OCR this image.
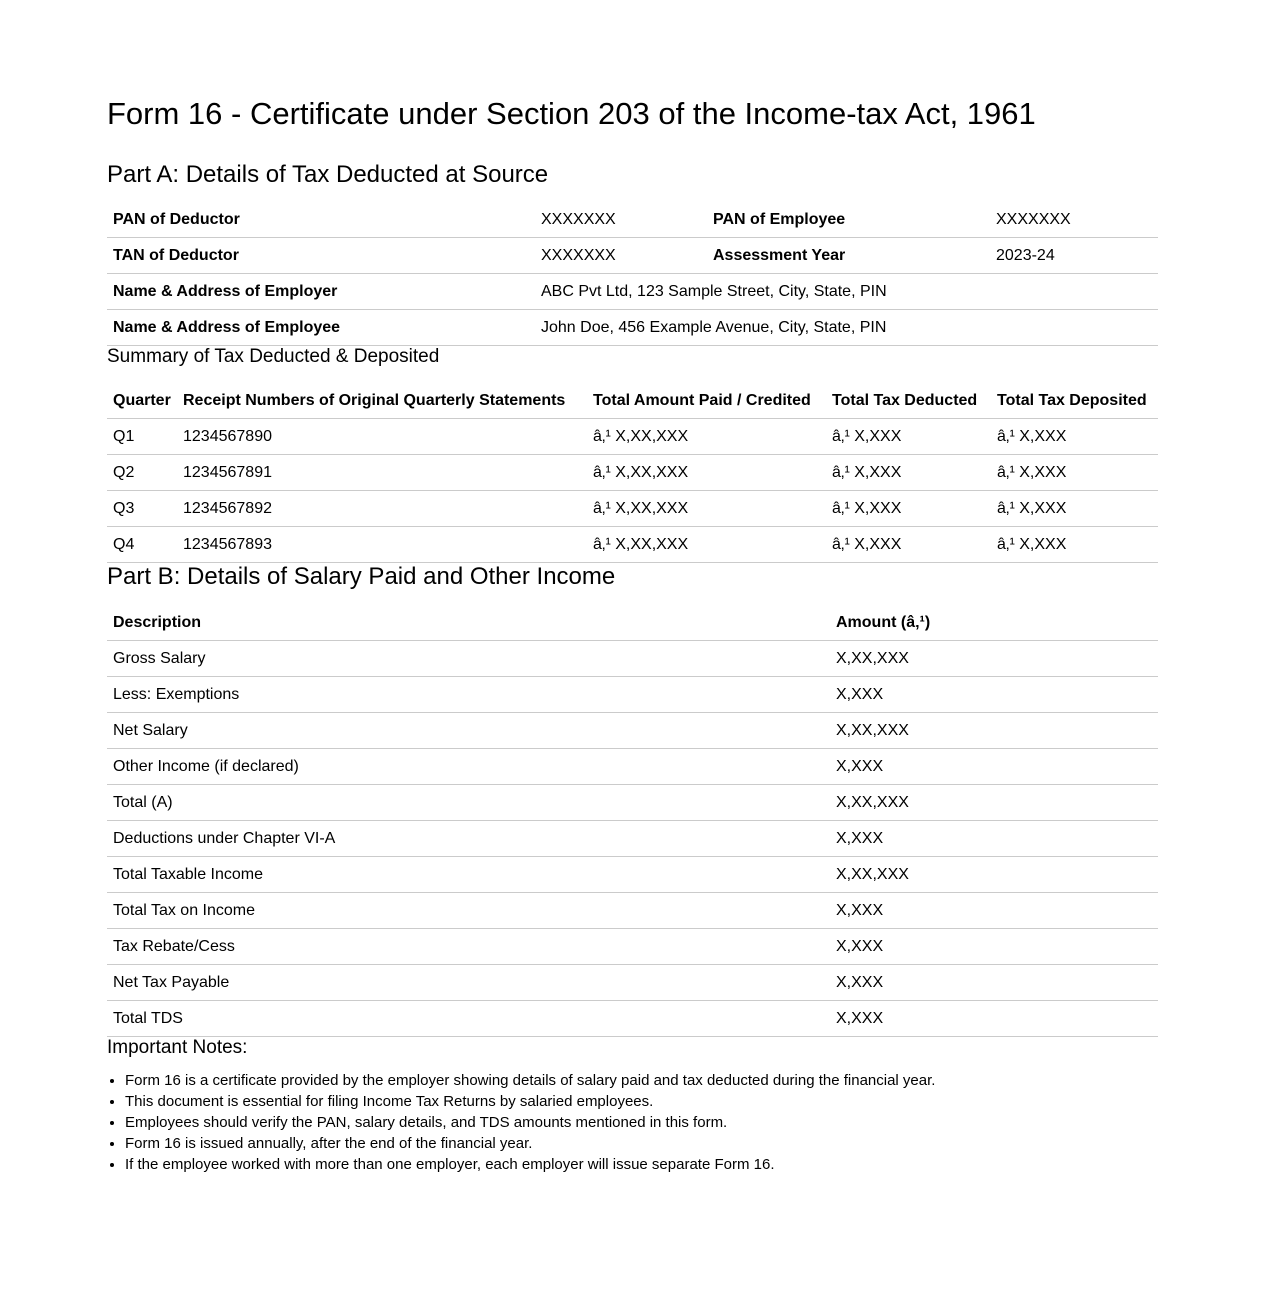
Form 16 - Certificate under Section 203 of the Income-tax Act, 1961
Part A: Details of Tax Deducted at Source
PAN of Deductor	XXXXXXX	PAN of Employee	XXXXXXX
TAN of Deductor	XXXXXXX	Assessment Year	2023-24
Name & Address of Employer	ABC Pvt Ltd, 123 Sample Street, City, State, PIN		
Name & Address of Employee	John Doe, 456 Example Avenue, City, State, PIN		
Summary of Tax Deducted & Deposited
Quarter	Receipt Numbers of Original Quarterly Statements	Total Amount Paid / Credited	Total Tax Deducted	Total Tax Deposited
Q1	1234567890	â‚¹ X,XX,XXX	â‚¹ X,XXX	â‚¹ X,XXX
Q2	1234567891	â‚¹ X,XX,XXX	â‚¹ X,XXX	â‚¹ X,XXX
Q3	1234567892	â‚¹ X,XX,XXX	â‚¹ X,XXX	â‚¹ X,XXX
Q4	1234567893	â‚¹ X,XX,XXX	â‚¹ X,XXX	â‚¹ X,XXX
Part B: Details of Salary Paid and Other Income
Description	Amount (â‚¹)
Gross Salary	X,XX,XXX
Less: Exemptions	X,XXX
Net Salary	X,XX,XXX
Other Income (if declared)	X,XXX
Total (A)	X,XX,XXX
Deductions under Chapter VI-A	X,XXX
Total Taxable Income	X,XX,XXX
Total Tax on Income	X,XXX
Tax Rebate/Cess	X,XXX
Net Tax Payable	X,XXX
Total TDS	X,XXX
Important Notes:
• Form 16 is a certificate provided by the employer showing details of salary paid and tax deducted during the financial year.
• This document is essential for filing Income Tax Returns by salaried employees.
• Employees should verify the PAN, salary details, and TDS amounts mentioned in this form.
• Form 16 is issued annually, after the end of the financial year.
• If the employee worked with more than one employer, each employer will issue separate Form 16.
